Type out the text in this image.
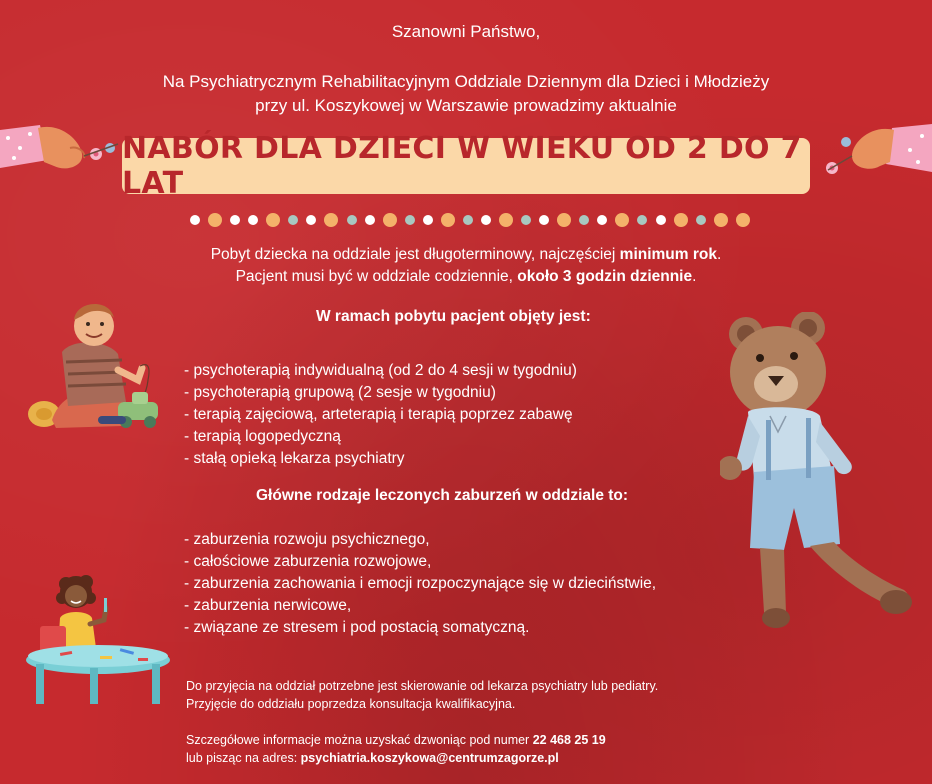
Szanowni Państwo,
Na Psychiatrycznym Rehabilitacyjnym Oddziale Dziennym dla Dzieci i Młodzieży
przy ul. Koszykowej w Warszawie prowadzimy aktualnie
NABÓR DLA DZIECI W WIEKU OD 2 DO 7 LAT
Pobyt dziecka na oddziale jest długoterminowy, najczęściej minimum rok.
Pacjent musi być w oddziale codziennie, około 3 godzin dziennie.
W ramach pobytu pacjent objęty jest:
- psychoterapią indywidualną (od 2 do 4 sesji w tygodniu)
- psychoterapią grupową (2 sesje w tygodniu)
- terapią zajęciową, arteterapią i terapią poprzez zabawę
- terapią logopedyczną
- stałą opieką lekarza psychiatry
Główne rodzaje leczonych zaburzeń w oddziale to:
- zaburzenia rozwoju psychicznego,
- całościowe zaburzenia rozwojowe,
- zaburzenia zachowania i emocji rozpoczynające się w dzieciństwie,
- zaburzenia nerwicowe,
- związane ze stresem i pod postacią somatyczną.
Do przyjęcia na oddział potrzebne jest skierowanie od lekarza psychiatry lub pediatry.
Przyjęcie do oddziału poprzedza konsultacja kwalifikacyjna.
Szczegółowe informacje można uzyskać dzwoniąc pod numer 22 468 25 19
lub pisząc na adres: psychiatria.koszykowa@centrumzagorze.pl
